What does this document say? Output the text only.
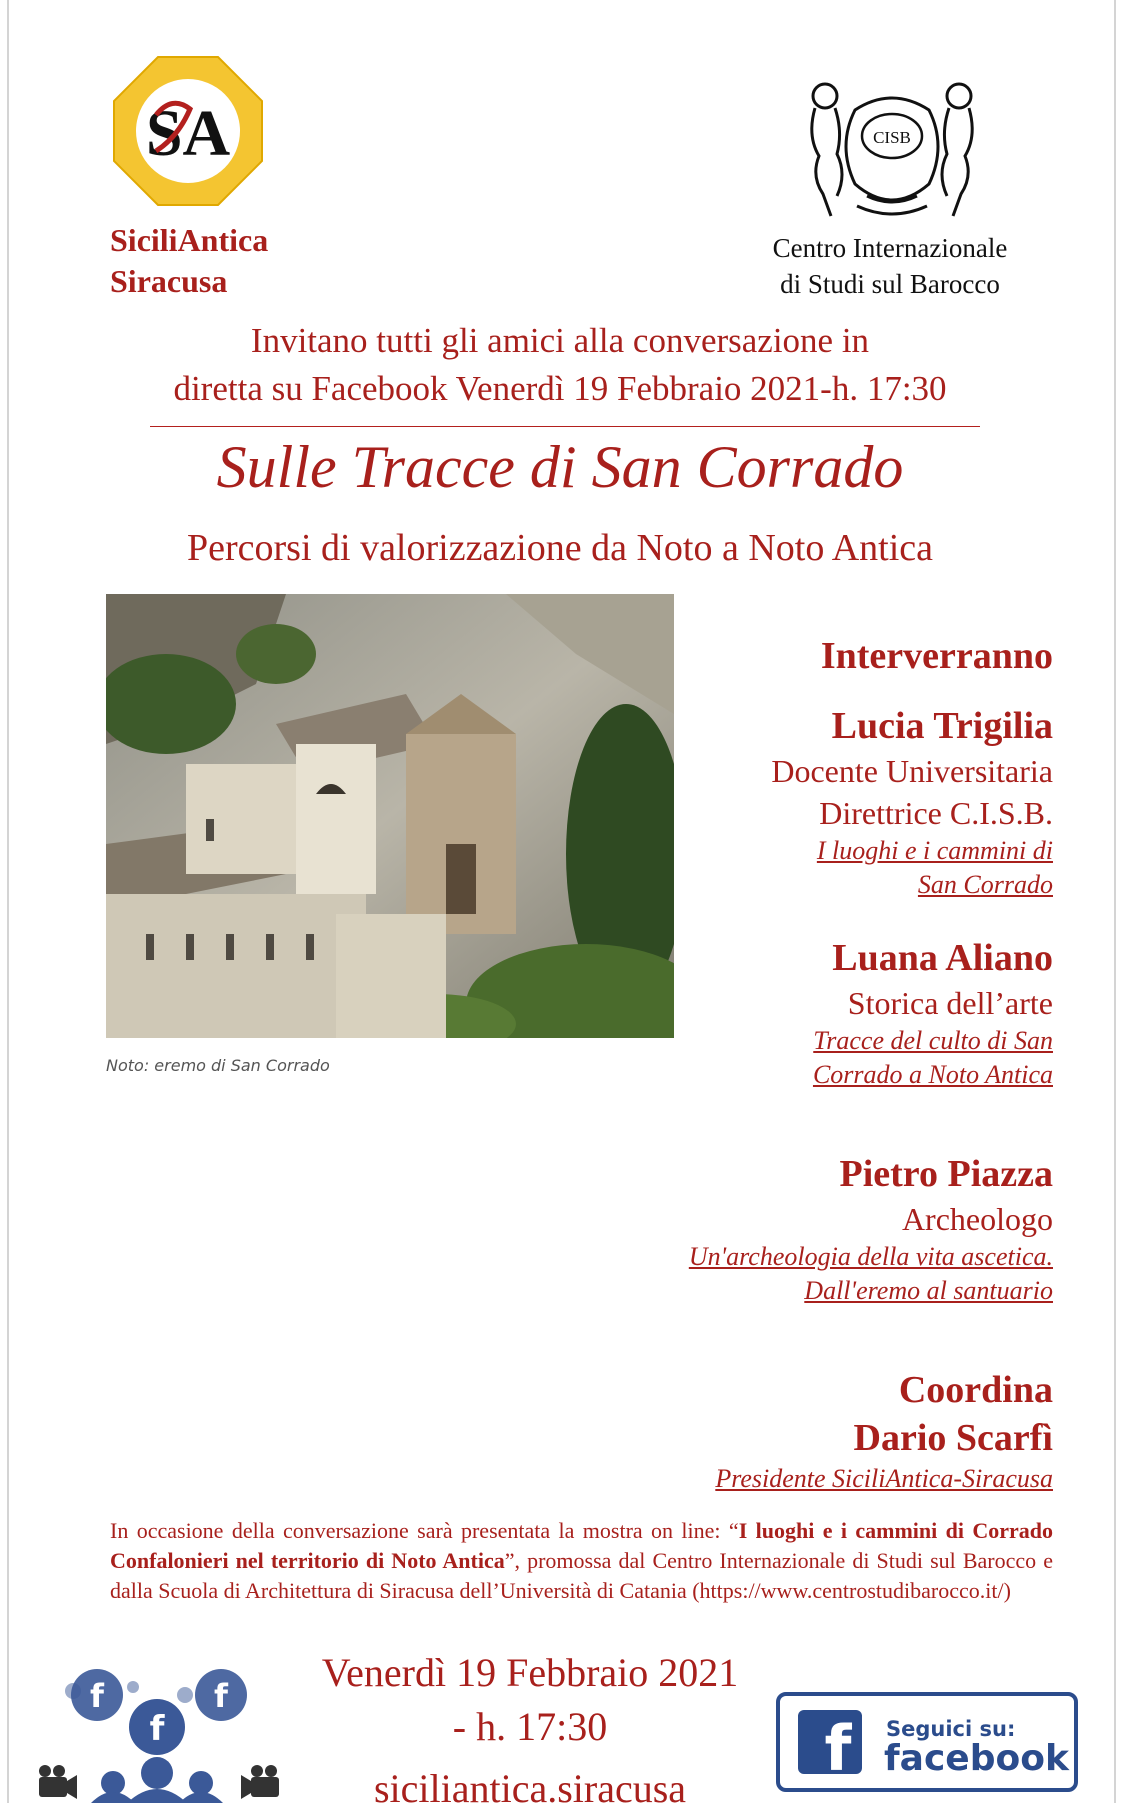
SA
SiciliAntica
Siracusa
CISB
Centro Internazionale
di Studi sul Barocco
Invitano tutti gli amici alla conversazione in
diretta su Facebook Venerdì 19 Febbraio 2021-h. 17:30
Sulle Tracce di San Corrado
Percorsi di valorizzazione da Noto a Noto Antica
Noto: eremo di San Corrado
Interverranno
Lucia Trigilia
Docente Universitaria
Direttrice C.I.S.B.
I luoghi e i cammini di
San Corrado
Luana Aliano
Storica dell’arte
Tracce del culto di San
Corrado a Noto Antica
Pietro Piazza
Archeologo
Un'archeologia della vita ascetica.
Dall'eremo al santuario
Coordina
Dario Scarfì
Presidente SiciliAntica-Siracusa
In occasione della conversazione sarà presentata la mostra on line: “I luoghi e i cammini di Corrado Confalonieri nel territorio di Noto Antica”, promossa dal Centro Internazionale di Studi sul Barocco e dalla Scuola di Architettura di Siracusa dell’Università di Catania (https://www.centrostudibarocco.it/)
f	f
f
Venerdì 19 Febbraio 2021
- h. 17:30
siciliantica.siracusa
f Seguici su:
facebook
